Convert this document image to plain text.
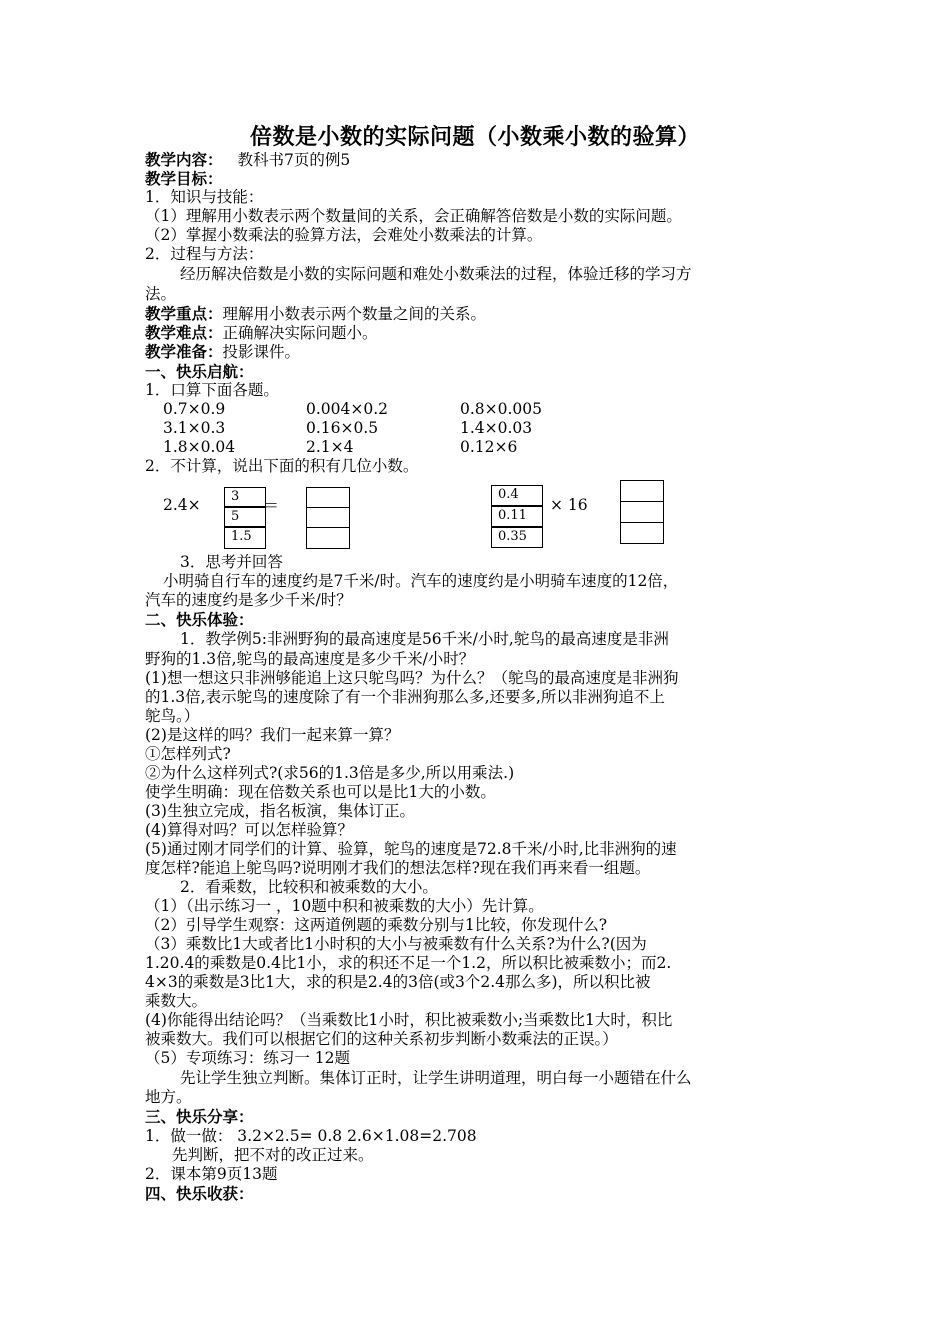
倍数是小数的实际问题（小数乘小数的验算）
教学内容： 教科书7页的例5
教学目标：
1．知识与技能：
（1）理解用小数表示两个数量间的关系，会正确解答倍数是小数的实际问题。
（2）掌握小数乘法的验算方法，会难处小数乘法的计算。
2．过程与方法：
经历解决倍数是小数的实际问题和难处小数乘法的过程，体验迁移的学习方
法。
教学重点：理解用小数表示两个数量之间的关系。
教学难点：正确解决实际问题小。
教学准备：投影课件。
一、快乐启航：
1．口算下面各题。
0.7×0.9	0.004×0.2	0.8×0.005
3.1×0.3	0.16×0.5	1.4×0.03
1.8×0.04	2.1×4	0.12×6
2．不计算，说出下面的积有几位小数。
2.4×	3
5
1.5
＝
0.4
0.11
0.35
× 16
3．思考并回答
小明骑自行车的速度约是7千米/时。汽车的速度约是小明骑车速度的12倍，
汽车的速度约是多少千米/时？
二、快乐体验：
1．教学例5:非洲野狗的最高速度是56千米/小时,鸵鸟的最高速度是非洲
野狗的1.3倍,鸵鸟的最高速度是多少千米/小时？
(1)想一想这只非洲够能追上这只鸵鸟吗？为什么？（鸵鸟的最高速度是非洲狗
的1.3倍,表示鸵鸟的速度除了有一个非洲狗那么多,还要多,所以非洲狗追不上
鸵鸟。）
(2)是这样的吗？我们一起来算一算？
①怎样列式?
②为什么这样列式?(求56的1.3倍是多少,所以用乘法.)
使学生明确：现在倍数关系也可以是比1大的小数。
(3)生独立完成，指名板演，集体订正。
(4)算得对吗？可以怎样验算？
(5)通过刚才同学们的计算、验算，鸵鸟的速度是72.8千米/小时,比非洲狗的速
度怎样?能追上鸵鸟吗?说明刚才我们的想法怎样?现在我们再来看一组题。
2．看乘数，比较积和被乘数的大小。
（1）（出示练习一 ，10题中积和被乘数的大小）先计算。
（2）引导学生观察：这两道例题的乘数分别与1比较，你发现什么?
（3）乘数比1大或者比1小时积的大小与被乘数有什么关系?为什么?(因为
1.20.4的乘数是0.4比1小，求的积还不足一个1.2，所以积比被乘数小；而2.
4×3的乘数是3比1大，求的积是2.4的3倍(或3个2.4那么多)，所以积比被
乘数大。
(4)你能得出结论吗？（当乘数比1小时，积比被乘数小;当乘数比1大时，积比
被乘数大。我们可以根据它们的这种关系初步判断小数乘法的正误。）
（5）专项练习：练习一 12题
先让学生独立判断。集体订正时，让学生讲明道理，明白每一小题错在什么
地方。
三、快乐分享：
1．做一做： 3.2×2.5= 0.8 2.6×1.08=2.708
先判断，把不对的改正过来。
2．课本第9页13题
四、快乐收获：
